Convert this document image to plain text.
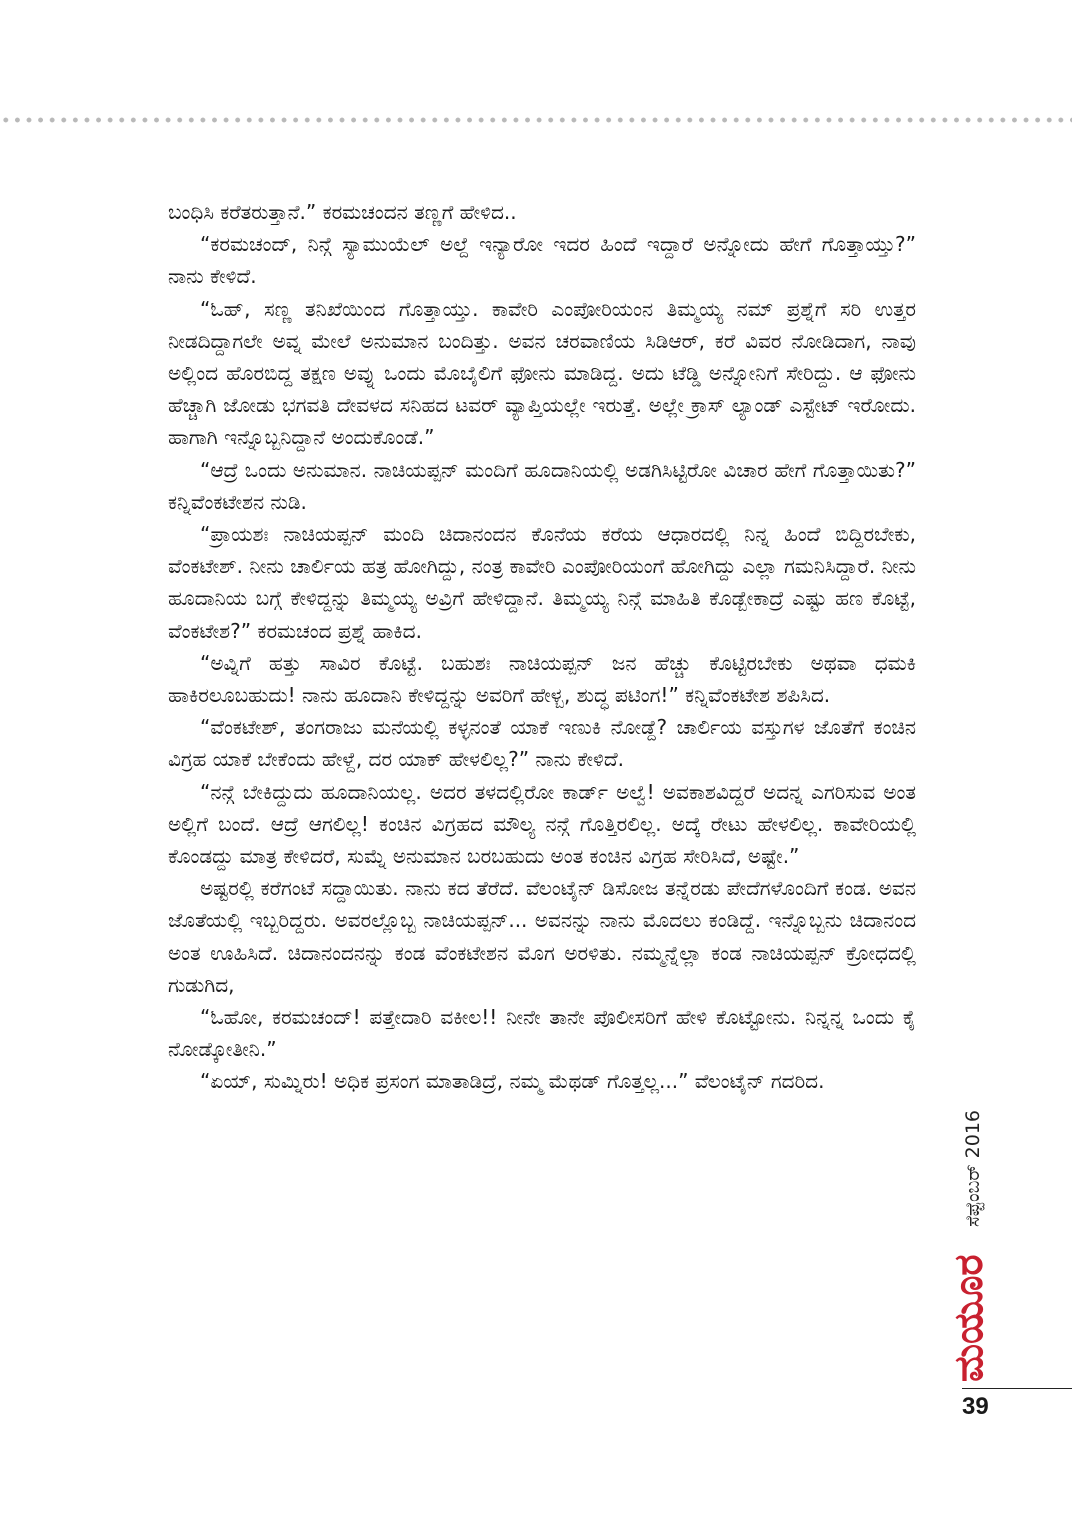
ಬಂಧಿಸಿ ಕರೆತರುತ್ತಾನೆ.” ಕರಮಚಂದನ ತಣ್ಣಗೆ ಹೇಳಿದ..

“ಕರಮಚಂದ್, ನಿನ್ಗೆ ಸ್ಯಾಮುಯೆಲ್ ಅಲ್ದೆ ಇನ್ಯಾರೋ ಇದರ ಹಿಂದೆ ಇದ್ದಾರೆ ಅನ್ನೋದು ಹೇಗೆ ಗೊತ್ತಾಯ್ತು?” ನಾನು ಕೇಳಿದೆ.

“ಓಹ್, ಸಣ್ಣ ತನಿಖೆಯಿಂದ ಗೊತ್ತಾಯ್ತು. ಕಾವೇರಿ ಎಂಪೋರಿಯಂನ ತಿಮ್ಮಯ್ಯ ನಮ್ ಪ್ರಶ್ನೆಗೆ ಸರಿ ಉತ್ತರ ನೀಡದಿದ್ದಾಗಲೇ ಅವ್ನ ಮೇಲೆ ಅನುಮಾನ ಬಂದಿತ್ತು. ಅವನ ಚರವಾಣಿಯ ಸಿಡಿಆರ್, ಕರೆ ವಿವರ ನೋಡಿದಾಗ, ನಾವು ಅಲ್ಲಿಂದ ಹೊರಬಿದ್ದ ತಕ್ಷಣ ಅವ್ನು ಒಂದು ಮೊಬೈಲಿಗೆ ಫೋನು ಮಾಡಿದ್ದ. ಅದು ಟೆಡ್ಡಿ ಅನ್ನೋನಿಗೆ ಸೇರಿದ್ದು. ಆ ಫೋನು ಹೆಚ್ಚಾಗಿ ಜೋಡು ಭಗವತಿ ದೇವಳದ ಸನಿಹದ ಟವರ್ ವ್ಯಾಪ್ತಿಯಲ್ಲೇ ಇರುತ್ತೆ. ಅಲ್ಲೇ ಕ್ರಾಸ್ ಲ್ಯಾಂಡ್ ಎಸ್ಟೇಟ್ ಇರೋದು. ಹಾಗಾಗಿ ಇನ್ನೊಬ್ಬನಿದ್ದಾನೆ ಅಂದುಕೊಂಡೆ.”

“ಆದ್ರೆ ಒಂದು ಅನುಮಾನ. ನಾಚಿಯಪ್ಪನ್ ಮಂದಿಗೆ ಹೂದಾನಿಯಲ್ಲಿ ಅಡಗಿಸಿಟ್ಟಿರೋ ವಿಚಾರ ಹೇಗೆ ಗೊತ್ತಾಯಿತು?” ಕನ್ನಿವೆಂಕಟೇಶನ ನುಡಿ.

“ಪ್ರಾಯಶಃ ನಾಚಿಯಪ್ಪನ್ ಮಂದಿ ಚಿದಾನಂದನ ಕೊನೆಯ ಕರೆಯ ಆಧಾರದಲ್ಲಿ ನಿನ್ನ ಹಿಂದೆ ಬಿದ್ದಿರಬೇಕು, ವೆಂಕಟೇಶ್. ನೀನು ಚಾರ್ಲಿಯ ಹತ್ರ ಹೋಗಿದ್ದು, ನಂತ್ರ ಕಾವೇರಿ ಎಂಪೋರಿಯಂಗೆ ಹೋಗಿದ್ದು ಎಲ್ಲಾ ಗಮನಿಸಿದ್ದಾರೆ. ನೀನು ಹೂದಾನಿಯ ಬಗ್ಗೆ ಕೇಳಿದ್ದನ್ನು ತಿಮ್ಮಯ್ಯ ಅವ್ರಿಗೆ ಹೇಳಿದ್ದಾನೆ. ತಿಮ್ಮಯ್ಯ ನಿನ್ಗೆ ಮಾಹಿತಿ ಕೊಡ್ಬೇಕಾದ್ರೆ ಎಷ್ಟು ಹಣ ಕೊಟ್ಟೆ, ವೆಂಕಟೇಶ?” ಕರಮಚಂದ ಪ್ರಶ್ನೆ ಹಾಕಿದ.

“ಅವ್ನಿಗೆ ಹತ್ತು ಸಾವಿರ ಕೊಟ್ಟೆ. ಬಹುಶಃ ನಾಚಿಯಪ್ಪನ್ ಜನ ಹೆಚ್ಚು ಕೊಟ್ಟಿರಬೇಕು ಅಥವಾ ಧಮಕಿ ಹಾಕಿರಲೂಬಹುದು! ನಾನು ಹೂದಾನಿ ಕೇಳಿದ್ದನ್ನು ಅವರಿಗೆ ಹೇಳ್ಬ, ಶುದ್ಧ ಪಟಿಂಗ!” ಕನ್ನಿವೆಂಕಟೇಶ ಶಪಿಸಿದ.

“ವೆಂಕಟೇಶ್, ತಂಗರಾಜು ಮನೆಯಲ್ಲಿ ಕಳ್ಳನಂತೆ ಯಾಕೆ ಇಣುಕಿ ನೋಡ್ದೆ? ಚಾರ್ಲಿಯ ವಸ್ತುಗಳ ಜೊತೆಗೆ ಕಂಚಿನ ವಿಗ್ರಹ ಯಾಕೆ ಬೇಕೆಂದು ಹೇಳ್ದೆ, ದರ ಯಾಕ್ ಹೇಳಲಿಲ್ಲ?” ನಾನು ಕೇಳಿದೆ.

“ನನ್ಗೆ ಬೇಕಿದ್ದುದು ಹೂದಾನಿಯಲ್ಲ. ಅದರ ತಳದಲ್ಲಿರೋ ಕಾರ್ಡ್ ಅಲ್ವೆ! ಅವಕಾಶವಿದ್ದರೆ ಅದನ್ನ ಎಗರಿಸುವ ಅಂತ ಅಲ್ಲಿಗೆ ಬಂದೆ. ಆದ್ರೆ ಆಗಲಿಲ್ಲ! ಕಂಚಿನ ವಿಗ್ರಹದ ಮೌಲ್ಯ ನನ್ಗೆ ಗೊತ್ತಿರಲಿಲ್ಲ. ಅದ್ಕೆ ರೇಟು ಹೇಳಲಿಲ್ಲ. ಕಾವೇರಿಯಲ್ಲಿ ಕೊಂಡದ್ದು ಮಾತ್ರ ಕೇಳಿದರೆ, ಸುಮ್ನೆ ಅನುಮಾನ ಬರಬಹುದು ಅಂತ ಕಂಚಿನ ವಿಗ್ರಹ ಸೇರಿಸಿದೆ, ಅಷ್ಟೇ.”

ಅಷ್ಟರಲ್ಲಿ ಕರೆಗಂಟೆ ಸದ್ದಾಯಿತು. ನಾನು ಕದ ತೆರೆದೆ. ವೆಲಂಟೈನ್ ಡಿಸೋಜ ತನ್ನೆರಡು ಪೇದೆಗಳೊಂದಿಗೆ ಕಂಡ. ಅವನ ಜೊತೆಯಲ್ಲಿ ಇಬ್ಬರಿದ್ದರು. ಅವರಲ್ಲೊಬ್ಬ ನಾಚಿಯಪ್ಪನ್... ಅವನನ್ನು ನಾನು ಮೊದಲು ಕಂಡಿದ್ದೆ. ಇನ್ನೊಬ್ಬನು ಚಿದಾನಂದ ಅಂತ ಊಹಿಸಿದೆ. ಚಿದಾನಂದನನ್ನು ಕಂಡ ವೆಂಕಟೇಶನ ಮೊಗ ಅರಳಿತು. ನಮ್ಮನ್ನೆಲ್ಲಾ ಕಂಡ ನಾಚಿಯಪ್ಪನ್ ಕ್ರೋಧದಲ್ಲಿ ಗುಡುಗಿದ,

“ಓಹೋ, ಕರಮಚಂದ್! ಪತ್ತೇದಾರಿ ವಕೀಲ!! ನೀನೇ ತಾನೇ ಪೊಲೀಸರಿಗೆ ಹೇಳಿ ಕೊಟ್ಟೋನು. ನಿನ್ನನ್ನ ಒಂದು ಕೈ ನೋಡ್ಕೋತೀನಿ.”

“ಏಯ್, ಸುಮ್ನಿರು! ಅಧಿಕ ಪ್ರಸಂಗ ಮಾತಾಡಿದ್ರೆ, ನಮ್ಮ ಮೆಥಡ್ ಗೊತ್ತಲ್ಲ...” ವೆಲಂಟೈನ್ ಗದರಿದ.

ಸೆಪ್ಟೆಂಬರ್ 2016
ಮಯೂರ
39
